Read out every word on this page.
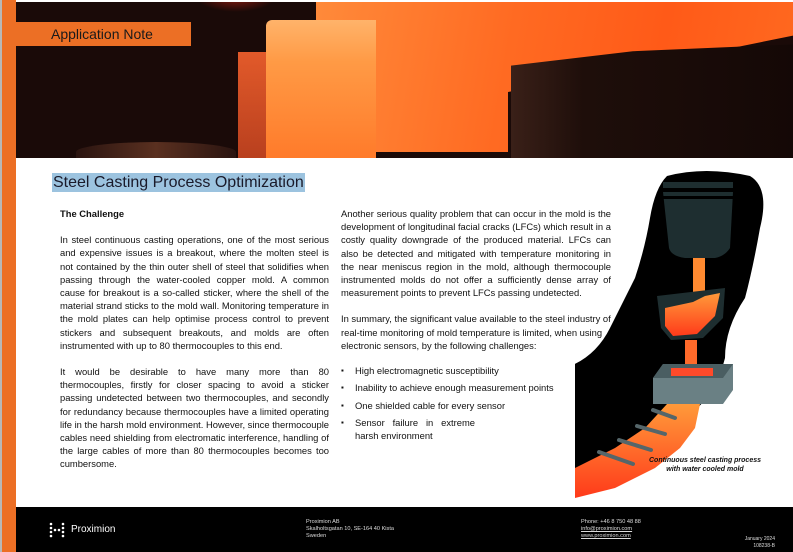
Application Note
Steel Casting Process Optimization
The Challenge

In steel continuous casting operations, one of the most serious and expensive issues is a breakout, where the molten steel is not contained by the thin outer shell of steel that solidifies when passing through the water-cooled copper mold. A common cause for breakout is a so-called sticker, where the shell of the material strand sticks to the mold wall. Monitoring temperature in the mold plates can help optimise process control to prevent stickers and subsequent breakouts, and molds are often instrumented with up to 80 thermocouples to this end.

It would be desirable to have many more than 80 thermocouples, firstly for closer spacing to avoid a sticker passing undetected between two thermocouples, and secondly for redundancy because thermocouples have a limited operating life in the harsh mold environment. However, since thermocouple cables need shielding from electromatic interference, handling of the large cables of more than 80 thermocouples becomes too cumbersome.

Another serious quality problem that can occur in the mold is the development of longitudinal facial cracks (LFCs) which result in a costly quality downgrade of the produced material. LFCs can also be detected and mitigated with temperature monitoring in the near meniscus region in the mold, although thermocouple instrumented molds do not offer a sufficiently dense array of measurement points to prevent LFCs passing undetected.

In summary, the significant value available to the steel industry of real-time monitoring of mold temperature is limited, when using electronic sensors, by the following challenges:

▪ High electromagnetic susceptibility
▪ Inability to achieve enough measurement points
▪ One shielded cable for every sensor
▪ Sensor failure in extreme harsh environment
Continuous steel casting process
with water cooled mold
Proximion
Proximion AB
Skalholtsgatan 10, SE-164 40 Kista
Sweden
Phone: +46 8 750 48 88
info@proximion.com
www.proximion.com	January 2024
108238-B
